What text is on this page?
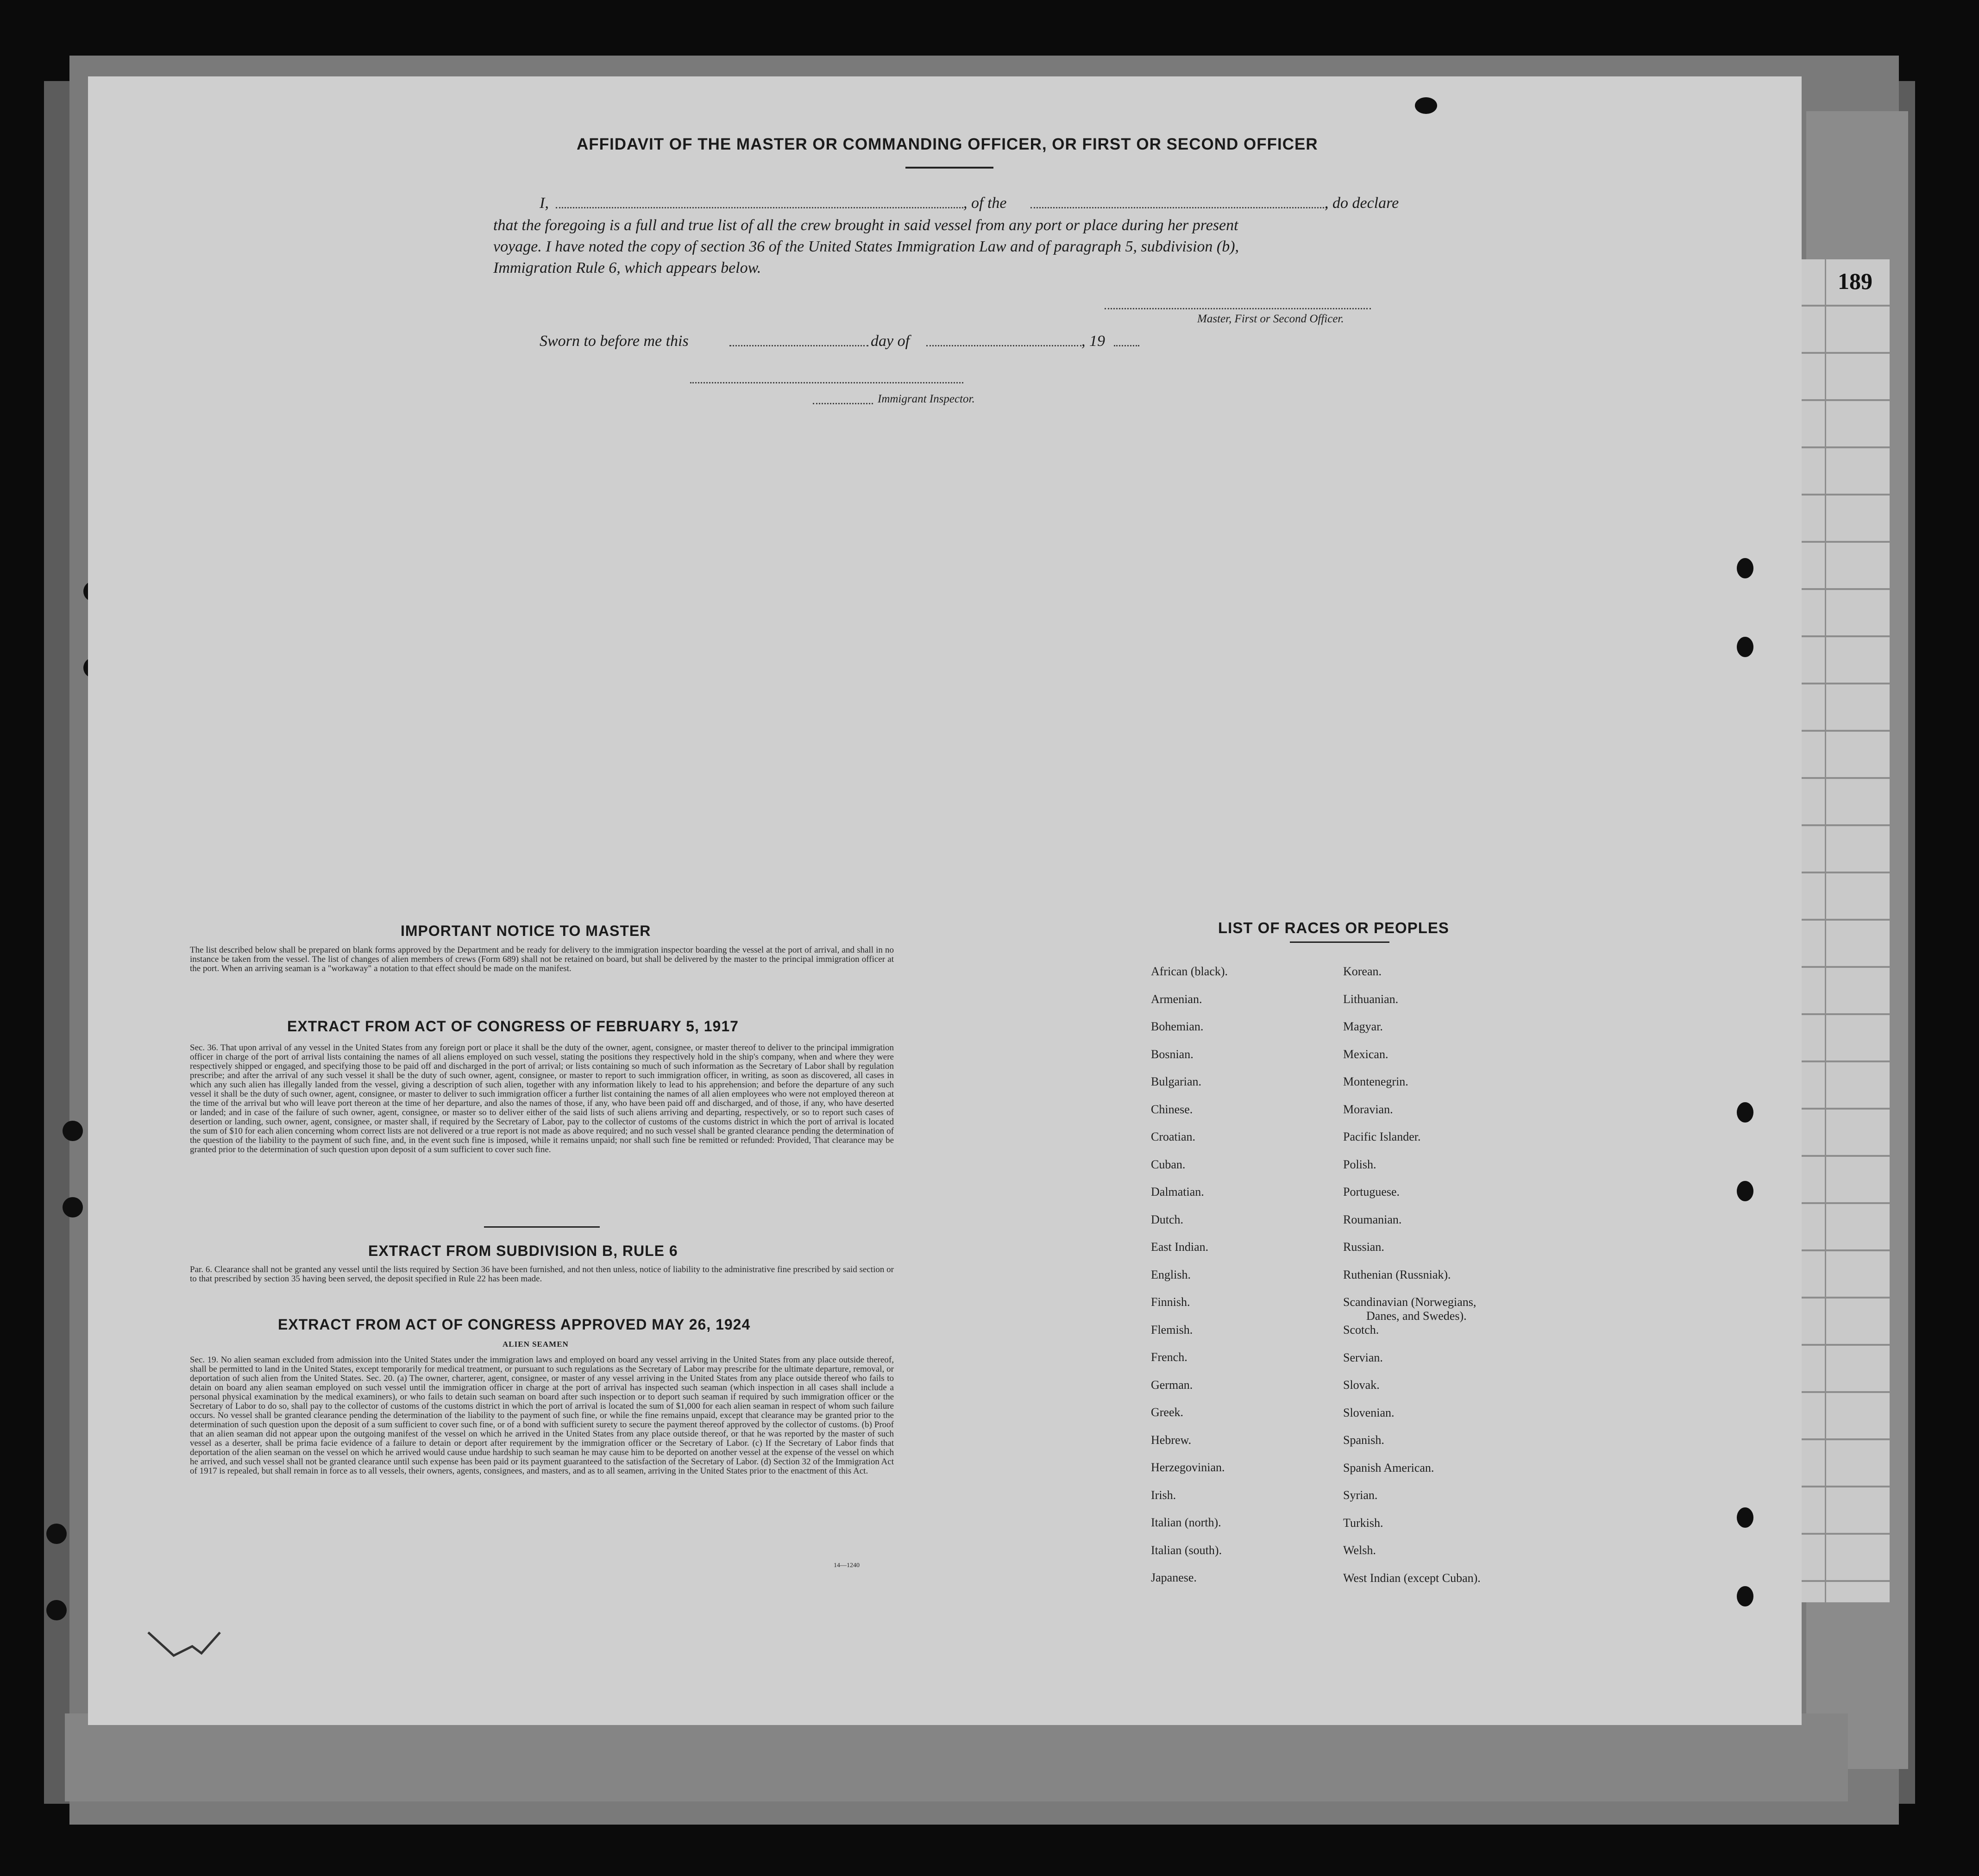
189
AFFIDAVIT OF THE MASTER OR COMMANDING OFFICER, OR FIRST OR SECOND OFFICER
I,	, of the	, do declare
that the foregoing is a full and true list of all the crew brought in said vessel from any port or place during her present
voyage. I have noted the copy of section 36 of the United States Immigration Law and of paragraph 5, subdivision (b),
Immigration Rule 6, which appears below.
Master, First or Second Officer.
Sworn to before me this	day of	, 19
Immigrant Inspector.
IMPORTANT NOTICE TO MASTER
The list described below shall be prepared on blank forms approved by the Department and be ready for delivery to the immigration inspector boarding the vessel at the port of arrival, and shall in no instance be taken from the vessel. The list of changes of alien members of crews (Form 689) shall not be retained on board, but shall be delivered by the master to the principal immigration officer at the port. When an arriving seaman is a "workaway" a notation to that effect should be made on the manifest.
EXTRACT FROM ACT OF CONGRESS OF FEBRUARY 5, 1917
Sec. 36. That upon arrival of any vessel in the United States from any foreign port or place it shall be the duty of the owner, agent, consignee, or master thereof to deliver to the principal immigration officer in charge of the port of arrival lists containing the names of all aliens employed on such vessel, stating the positions they respectively hold in the ship's company, when and where they were respectively shipped or engaged, and specifying those to be paid off and discharged in the port of arrival; or lists containing so much of such information as the Secretary of Labor shall by regulation prescribe; and after the arrival of any such vessel it shall be the duty of such owner, agent, consignee, or master to report to such immigration officer, in writing, as soon as discovered, all cases in which any such alien has illegally landed from the vessel, giving a description of such alien, together with any information likely to lead to his apprehension; and before the departure of any such vessel it shall be the duty of such owner, agent, consignee, or master to deliver to such immigration officer a further list containing the names of all alien employees who were not employed thereon at the time of the arrival but who will leave port thereon at the time of her departure, and also the names of those, if any, who have been paid off and discharged, and of those, if any, who have deserted or landed; and in case of the failure of such owner, agent, consignee, or master so to deliver either of the said lists of such aliens arriving and departing, respectively, or so to report such cases of desertion or landing, such owner, agent, consignee, or master shall, if required by the Secretary of Labor, pay to the collector of customs of the customs district in which the port of arrival is located the sum of $10 for each alien concerning whom correct lists are not delivered or a true report is not made as above required; and no such vessel shall be granted clearance pending the determination of the question of the liability to the payment of such fine, and, in the event such fine is imposed, while it remains unpaid; nor shall such fine be remitted or refunded: Provided, That clearance may be granted prior to the determination of such question upon deposit of a sum sufficient to cover such fine.
EXTRACT FROM SUBDIVISION B, RULE 6
Par. 6. Clearance shall not be granted any vessel until the lists required by Section 36 have been furnished, and not then unless, notice of liability to the administrative fine prescribed by said section or to that prescribed by section 35 having been served, the deposit specified in Rule 22 has been made.
EXTRACT FROM ACT OF CONGRESS APPROVED MAY 26, 1924
ALIEN SEAMEN
Sec. 19. No alien seaman excluded from admission into the United States under the immigration laws and employed on board any vessel arriving in the United States from any place outside thereof, shall be permitted to land in the United States, except temporarily for medical treatment, or pursuant to such regulations as the Secretary of Labor may prescribe for the ultimate departure, removal, or deportation of such alien from the United States. Sec. 20. (a) The owner, charterer, agent, consignee, or master of any vessel arriving in the United States from any place outside thereof who fails to detain on board any alien seaman employed on such vessel until the immigration officer in charge at the port of arrival has inspected such seaman (which inspection in all cases shall include a personal physical examination by the medical examiners), or who fails to detain such seaman on board after such inspection or to deport such seaman if required by such immigration officer or the Secretary of Labor to do so, shall pay to the collector of customs of the customs district in which the port of arrival is located the sum of $1,000 for each alien seaman in respect of whom such failure occurs. No vessel shall be granted clearance pending the determination of the liability to the payment of such fine, or while the fine remains unpaid, except that clearance may be granted prior to the determination of such question upon the deposit of a sum sufficient to cover such fine, or of a bond with sufficient surety to secure the payment thereof approved by the collector of customs. (b) Proof that an alien seaman did not appear upon the outgoing manifest of the vessel on which he arrived in the United States from any place outside thereof, or that he was reported by the master of such vessel as a deserter, shall be prima facie evidence of a failure to detain or deport after requirement by the immigration officer or the Secretary of Labor. (c) If the Secretary of Labor finds that deportation of the alien seaman on the vessel on which he arrived would cause undue hardship to such seaman he may cause him to be deported on another vessel at the expense of the vessel on which he arrived, and such vessel shall not be granted clearance until such expense has been paid or its payment guaranteed to the satisfaction of the Secretary of Labor. (d) Section 32 of the Immigration Act of 1917 is repealed, but shall remain in force as to all vessels, their owners, agents, consignees, and masters, and as to all seamen, arriving in the United States prior to the enactment of this Act.
14—1240
LIST OF RACES OR PEOPLES
African (black).
Armenian.
Bohemian.
Bosnian.
Bulgarian.
Chinese.
Croatian.
Cuban.
Dalmatian.
Dutch.
East Indian.
English.
Finnish.
Flemish.
French.
German.
Greek.
Hebrew.
Herzegovinian.
Irish.
Italian (north).
Italian (south).
Japanese.
Korean.
Lithuanian.
Magyar.
Mexican.
Montenegrin.
Moravian.
Pacific Islander.
Polish.
Portuguese.
Roumanian.
Russian.
Ruthenian (Russniak).
Scandinavian (Norwegians,
Danes, and Swedes).
Scotch.
Servian.
Slovak.
Slovenian.
Spanish.
Spanish American.
Syrian.
Turkish.
Welsh.
West Indian (except Cuban).
